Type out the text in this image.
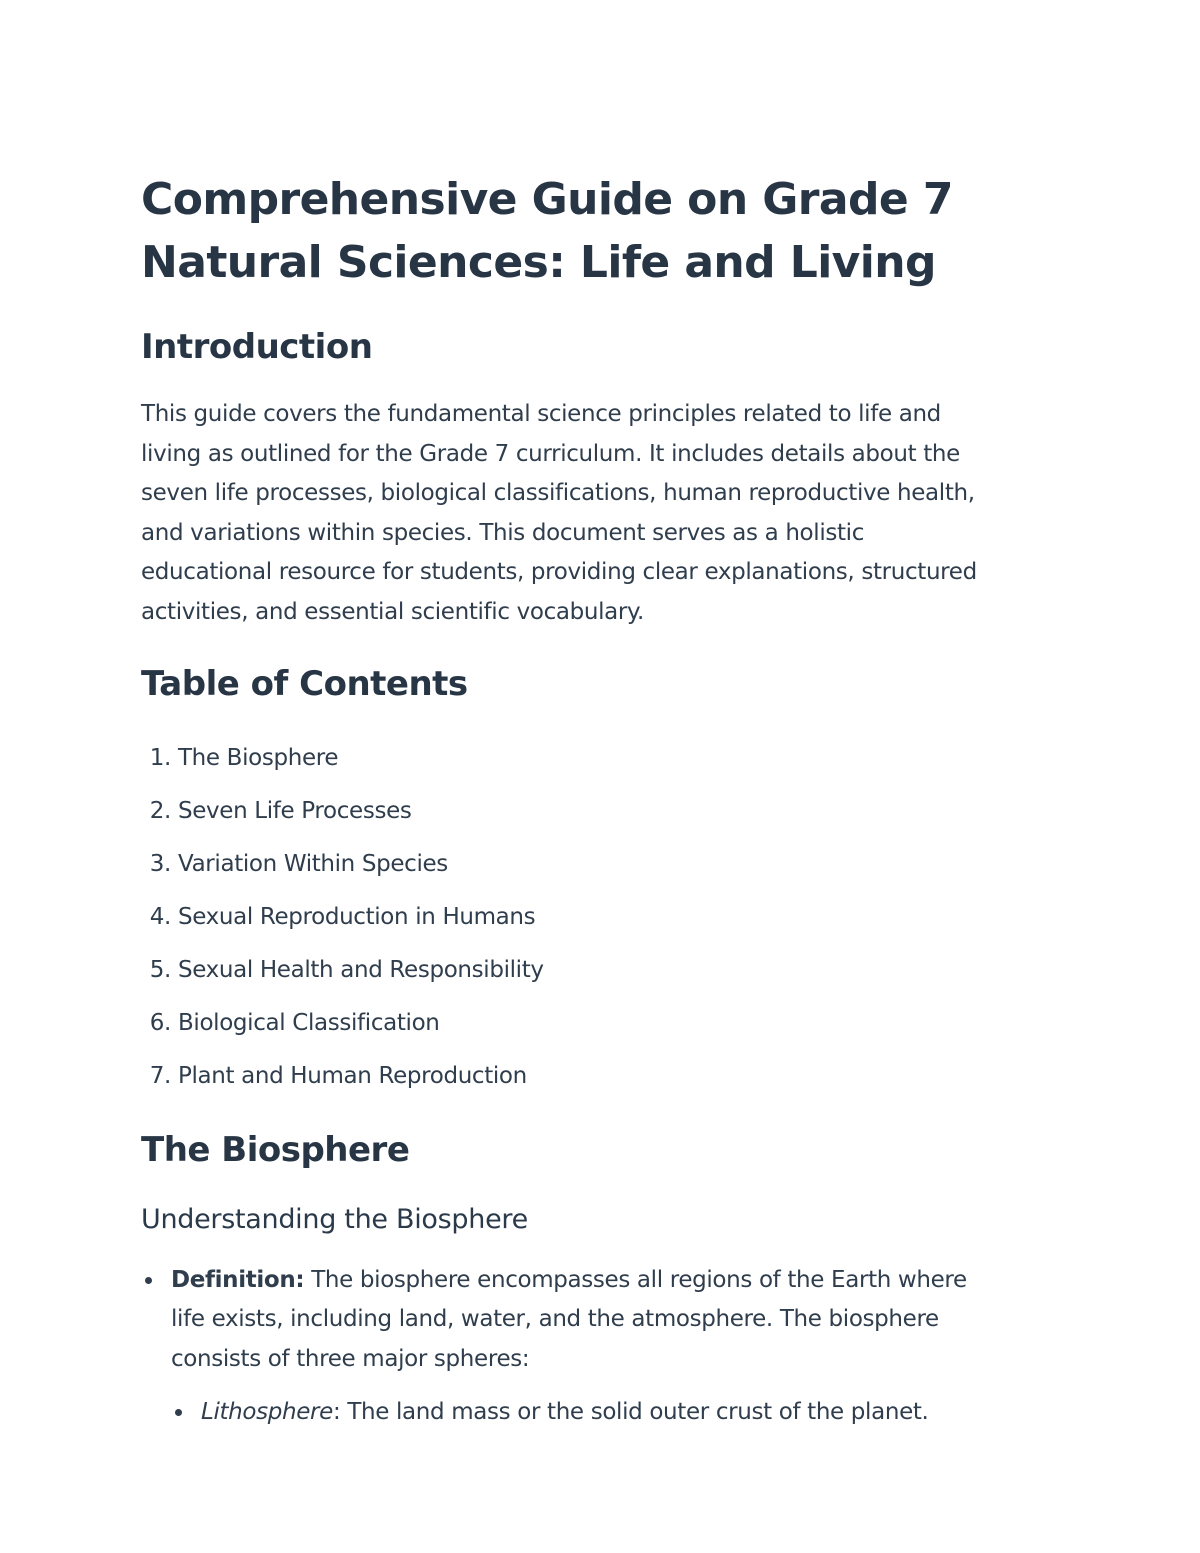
Comprehensive Guide on Grade 7
Natural Sciences: Life and Living
Introduction

This guide covers the fundamental science principles related to life and
living as outlined for the Grade 7 curriculum. It includes details about the
seven life processes, biological classifications, human reproductive health,
and variations within species. This document serves as a holistic
educational resource for students, providing clear explanations, structured
activities, and essential scientific vocabulary.

Table of Contents
1. The Biosphere
2. Seven Life Processes
3. Variation Within Species
4. Sexual Reproduction in Humans
5. Sexual Health and Responsibility
6. Biological Classification
7. Plant and Human Reproduction
The Biosphere
Understanding the Biosphere
Definition: The biosphere encompasses all regions of the Earth where
life exists, including land, water, and the atmosphere. The biosphere
consists of three major spheres:
Lithosphere: The land mass or the solid outer crust of the planet.
